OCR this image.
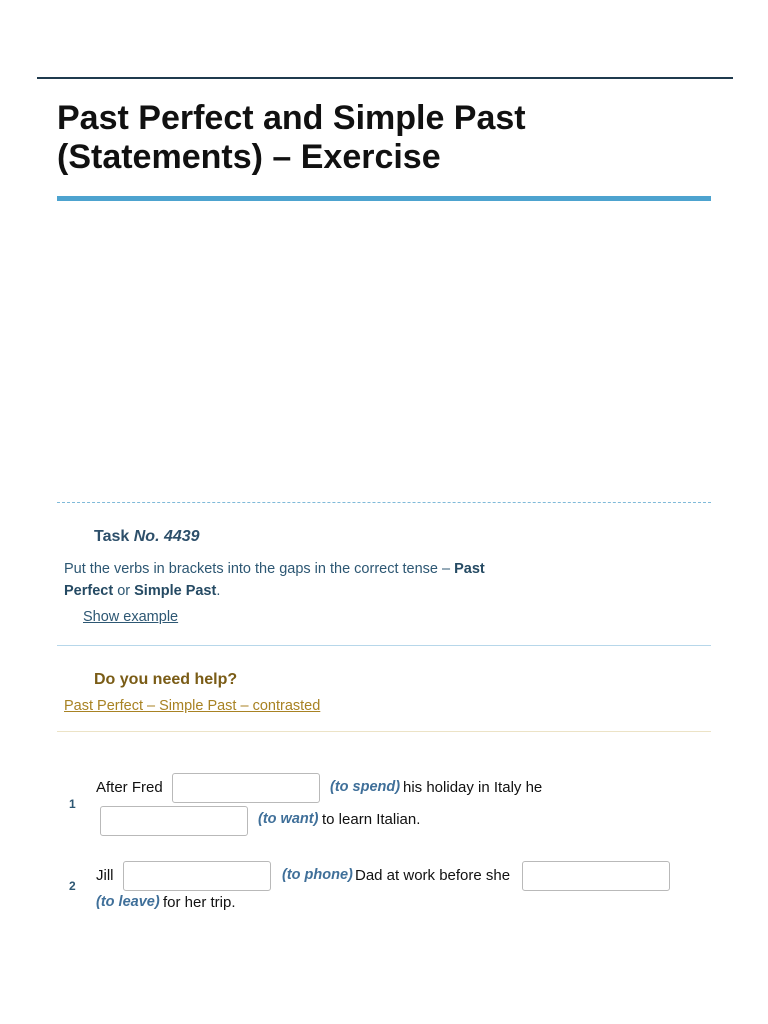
Past Perfect and Simple Past (Statements) – Exercise
Task No. 4439

Put the verbs in brackets into the gaps in the correct tense – Past Perfect or Simple Past.

Show example
Do you need help?
Past Perfect – Simple Past – contrasted
1
After Fred	(to spend) his holiday in Italy he
(to want) to learn Italian.
2
Jill	(to phone) Dad at work before she
(to leave) for her trip.
